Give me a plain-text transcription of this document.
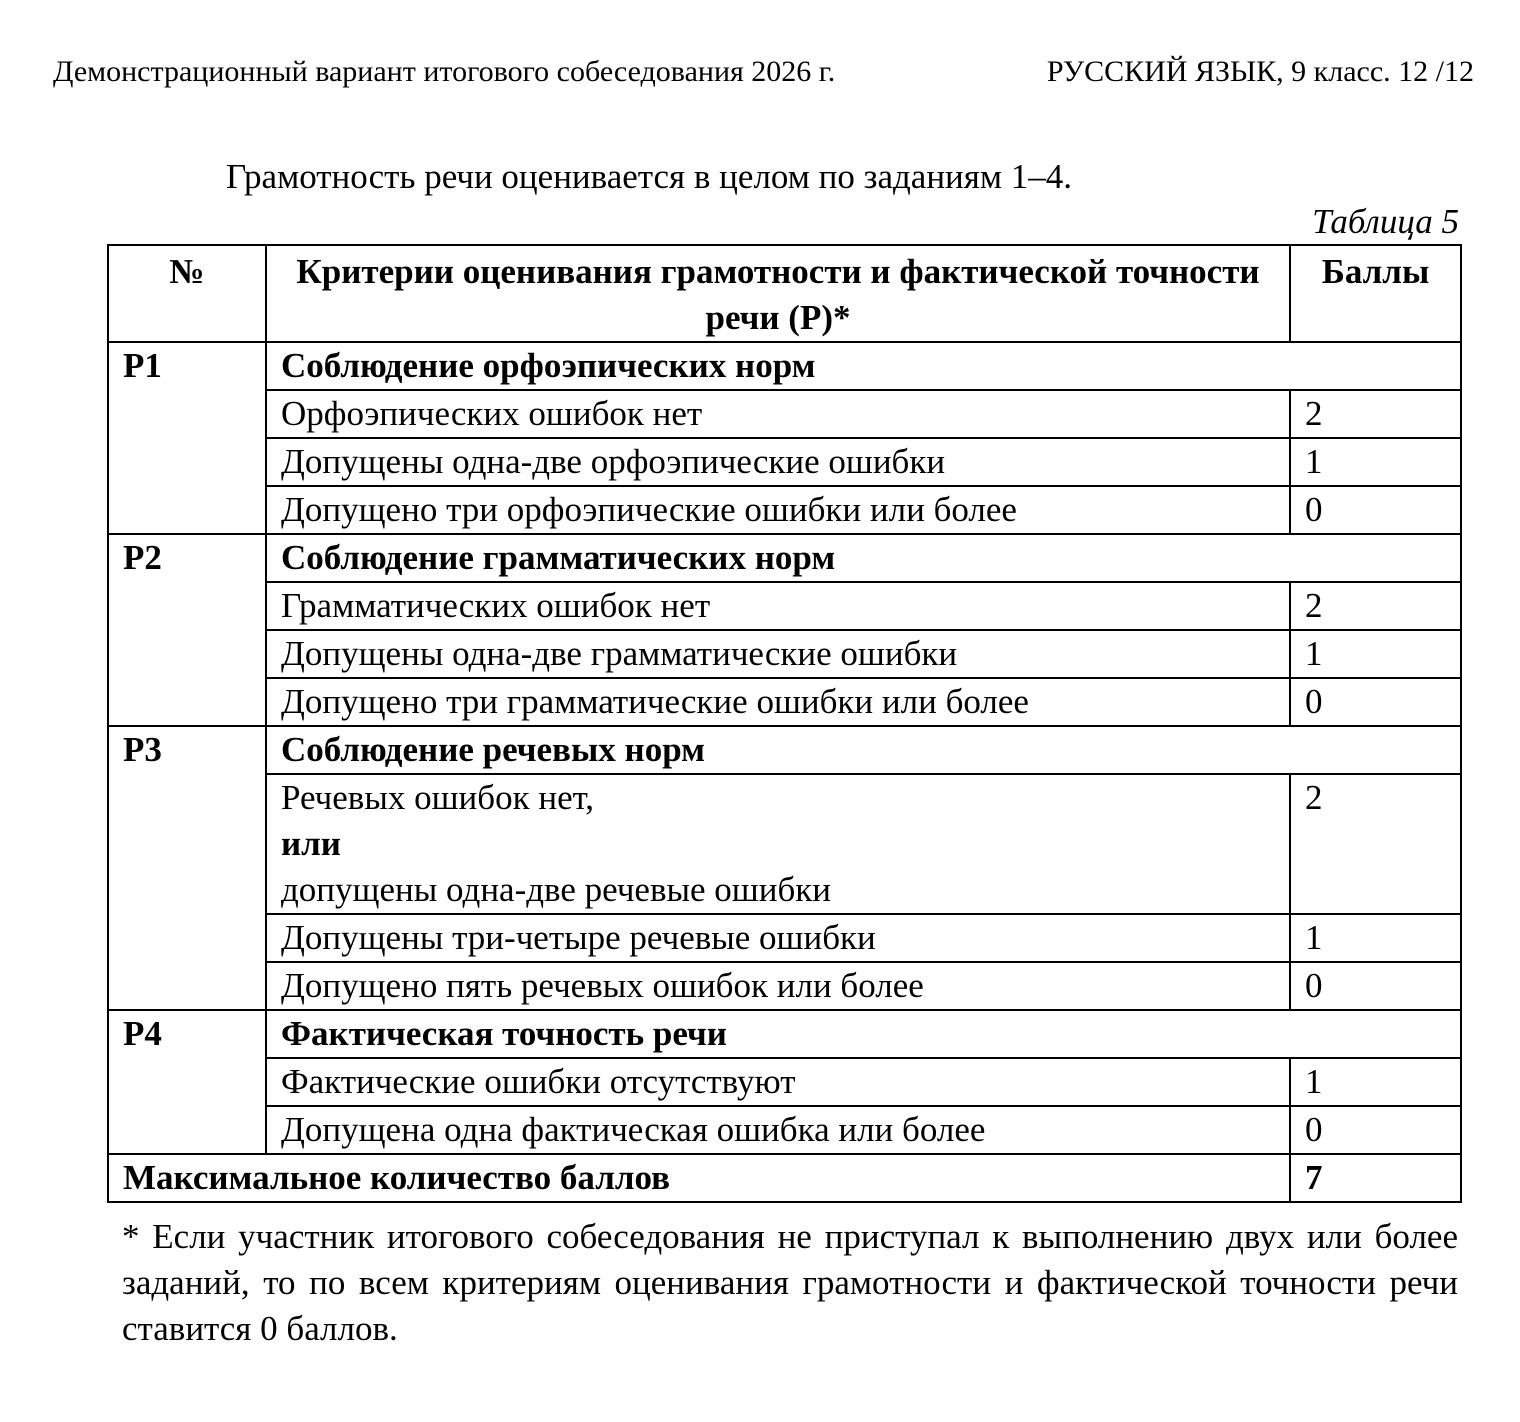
Демонстрационный вариант итогового собеседования 2026 г.	РУССКИЙ ЯЗЫК, 9 класс. 12 /12
Грамотность речи оценивается в целом по заданиям 1–4.
Таблица 5
№	Критерии оценивания грамотности и фактической точности речи (Р)*	Баллы
Р1	Соблюдение орфоэпических норм	
	Орфоэпических ошибок нет	2
	Допущены одна-две орфоэпические ошибки	1
	Допущено три орфоэпические ошибки или более	0
Р2	Соблюдение грамматических норм	
	Грамматических ошибок нет	2
	Допущены одна-две грамматические ошибки	1
	Допущено три грамматические ошибки или более	0
Р3	Соблюдение речевых норм	

	Речевых ошибок нет,
или
допущены одна-две речевые ошибки	2
	Допущены три-четыре речевые ошибки	1
	Допущено пять речевых ошибок или более	0
Р4	Фактическая точность речи	
	Фактические ошибки отсутствуют	1
	Допущена одна фактическая ошибка или более	0
Максимальное количество баллов		7
* Если участник итогового собеседования не приступал к выполнению двух или более заданий, то по всем критериям оценивания грамотности и фактической точности речи ставится 0 баллов.
